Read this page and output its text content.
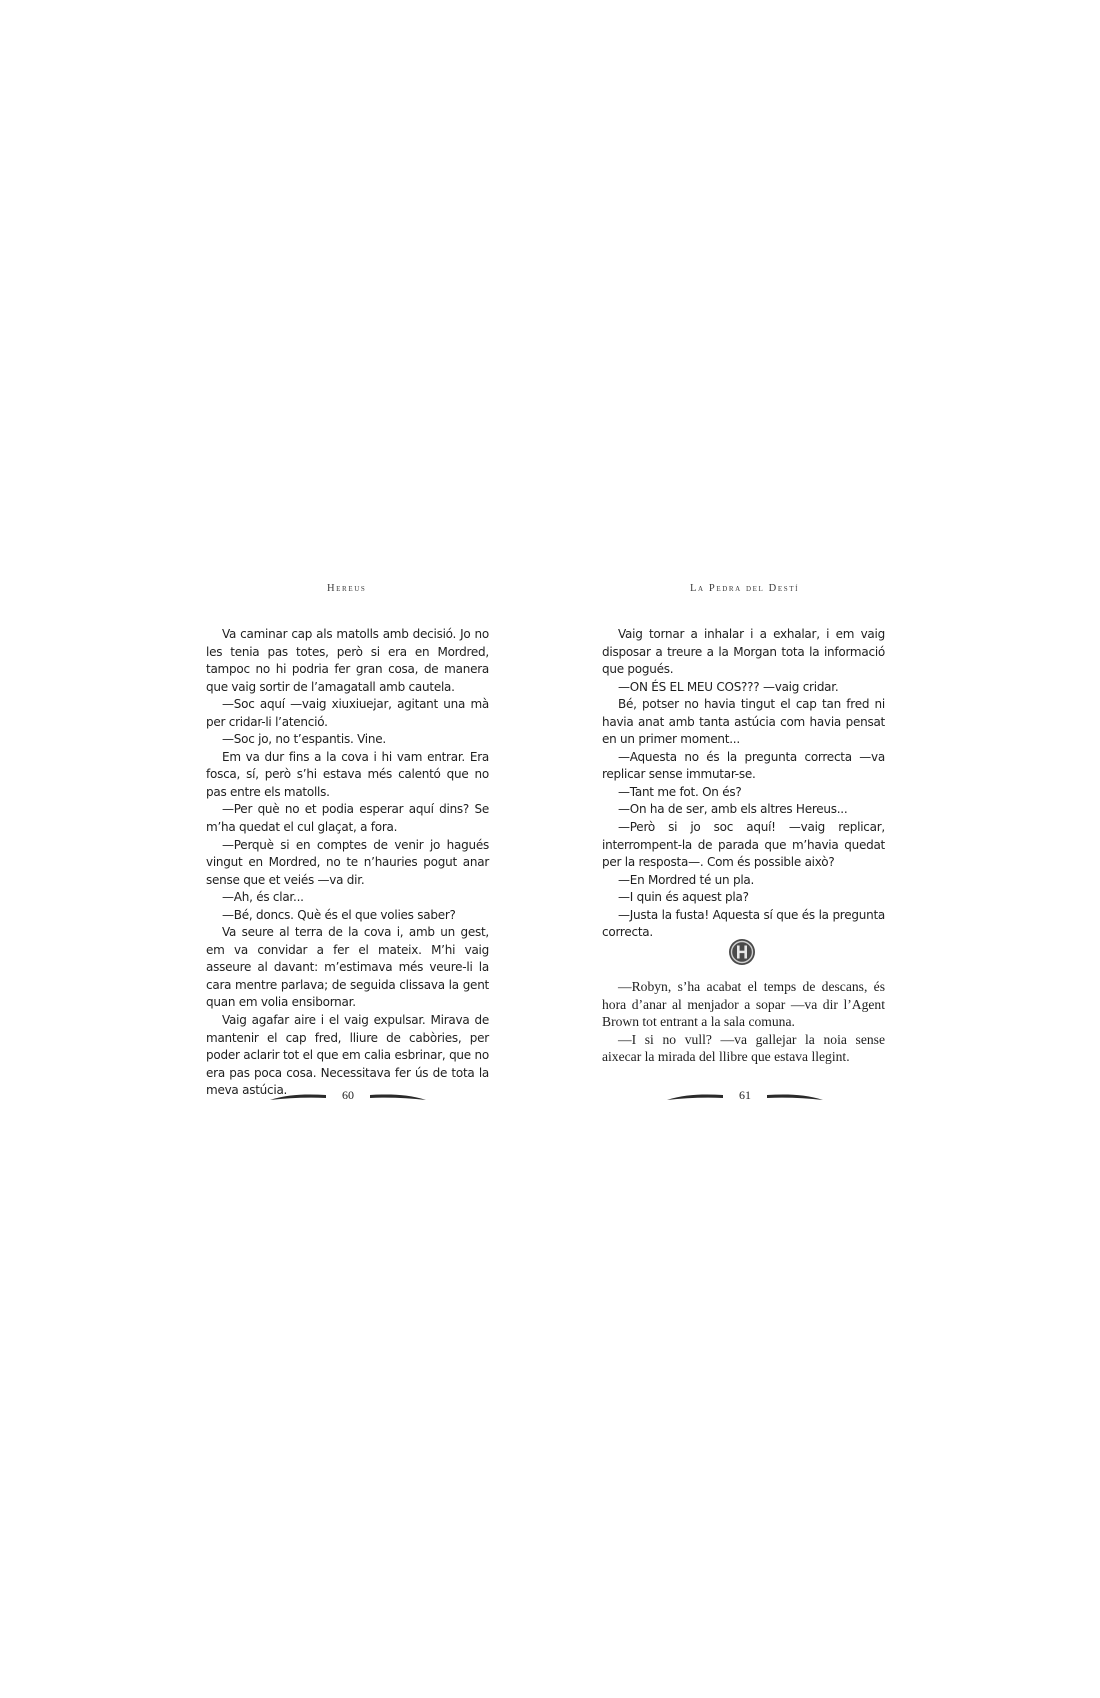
Hereus

Va caminar cap als matolls amb decisió. Jo no les tenia pas totes, però si era en Mordred, tampoc no hi podria fer gran cosa, de manera que vaig sortir de l’amagatall amb cautela.

—Soc aquí —vaig xiuxiuejar, agitant una mà per cridar-li l’atenció.

—Soc jo, no t’espantis. Vine.

Em va dur fins a la cova i hi vam entrar. Era fosca, sí, però s’hi estava més calentó que no pas entre els matolls.

—Per què no et podia esperar aquí dins? Se m’ha quedat el cul glaçat, a fora.

—Perquè si en comptes de venir jo hagués vingut en Mordred, no te n’hauries pogut anar sense que et veiés —va dir.

—Ah, és clar...

—Bé, doncs. Què és el que volies saber?

Va seure al terra de la cova i, amb un gest, em va convidar a fer el mateix. M’hi vaig asseure al davant: m’estimava més veure-li la cara mentre parlava; de seguida clissava la gent quan em volia ensibornar.

Vaig agafar aire i el vaig expulsar. Mirava de mantenir el cap fred, lliure de cabòries, per poder aclarir tot el que em calia esbrinar, que no era pas poca cosa. Necessitava fer ús de tota la meva astúcia.	60
La Pedra del Destí

Vaig tornar a inhalar i a exhalar, i em vaig disposar a treure a la Morgan tota la informació que pogués.

—ON ÉS EL MEU COS??? —vaig cridar.

Bé, potser no havia tingut el cap tan fred ni havia anat amb tanta astúcia com havia pensat en un primer moment...

—Aquesta no és la pregunta correcta —va replicar sense immutar-se.

—Tant me fot. On és?

—On ha de ser, amb els altres Hereus...

—Però si jo soc aquí! —vaig replicar, interrompent-la de parada que m’havia quedat per la resposta—. Com és possible això?

—En Mordred té un pla.

—I quin és aquest pla?

—Justa la fusta! Aquesta sí que és la pregunta correcta.

—Robyn, s’ha acabat el temps de descans, és hora d’anar al menjador a sopar —va dir l’Agent Brown tot entrant a la sala comuna.

—I si no vull? —va gallejar la noia sense aixecar la mirada del llibre que estava llegint.

61
